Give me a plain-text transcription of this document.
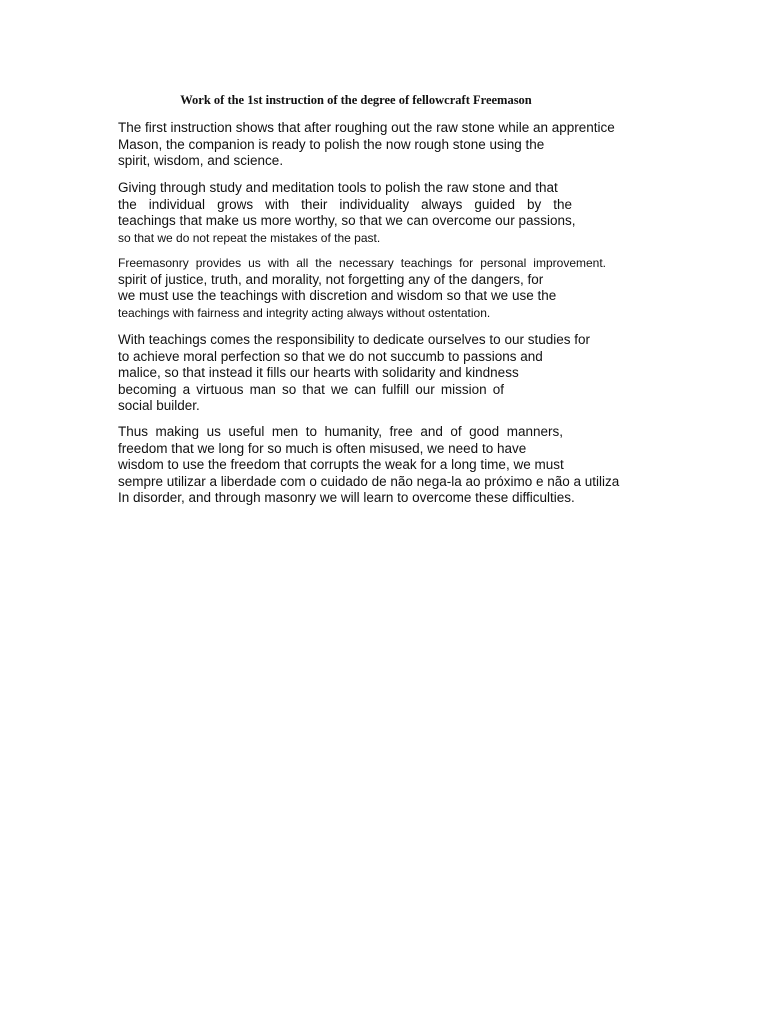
Work of the 1st instruction of the degree of fellowcraft Freemason
The first instruction shows that after roughing out the raw stone while an apprentice
Mason, the companion is ready to polish the now rough stone using the
spirit, wisdom, and science.
Giving through study and meditation tools to polish the raw stone and that
the individual grows with their individuality always guided by the
teachings that make us more worthy, so that we can overcome our passions,
so that we do not repeat the mistakes of the past.
Freemasonry provides us with all the necessary teachings for personal improvement.
spirit of justice, truth, and morality, not forgetting any of the dangers, for
we must use the teachings with discretion and wisdom so that we use the
teachings with fairness and integrity acting always without ostentation.
With teachings comes the responsibility to dedicate ourselves to our studies for
to achieve moral perfection so that we do not succumb to passions and
malice, so that instead it fills our hearts with solidarity and kindness
becoming a virtuous man so that we can fulfill our mission of
social builder.
Thus making us useful men to humanity, free and of good manners,
freedom that we long for so much is often misused, we need to have
wisdom to use the freedom that corrupts the weak for a long time, we must
sempre utilizar a liberdade com o cuidado de não nega-la ao próximo e não a utiliza
In disorder, and through masonry we will learn to overcome these difficulties.
